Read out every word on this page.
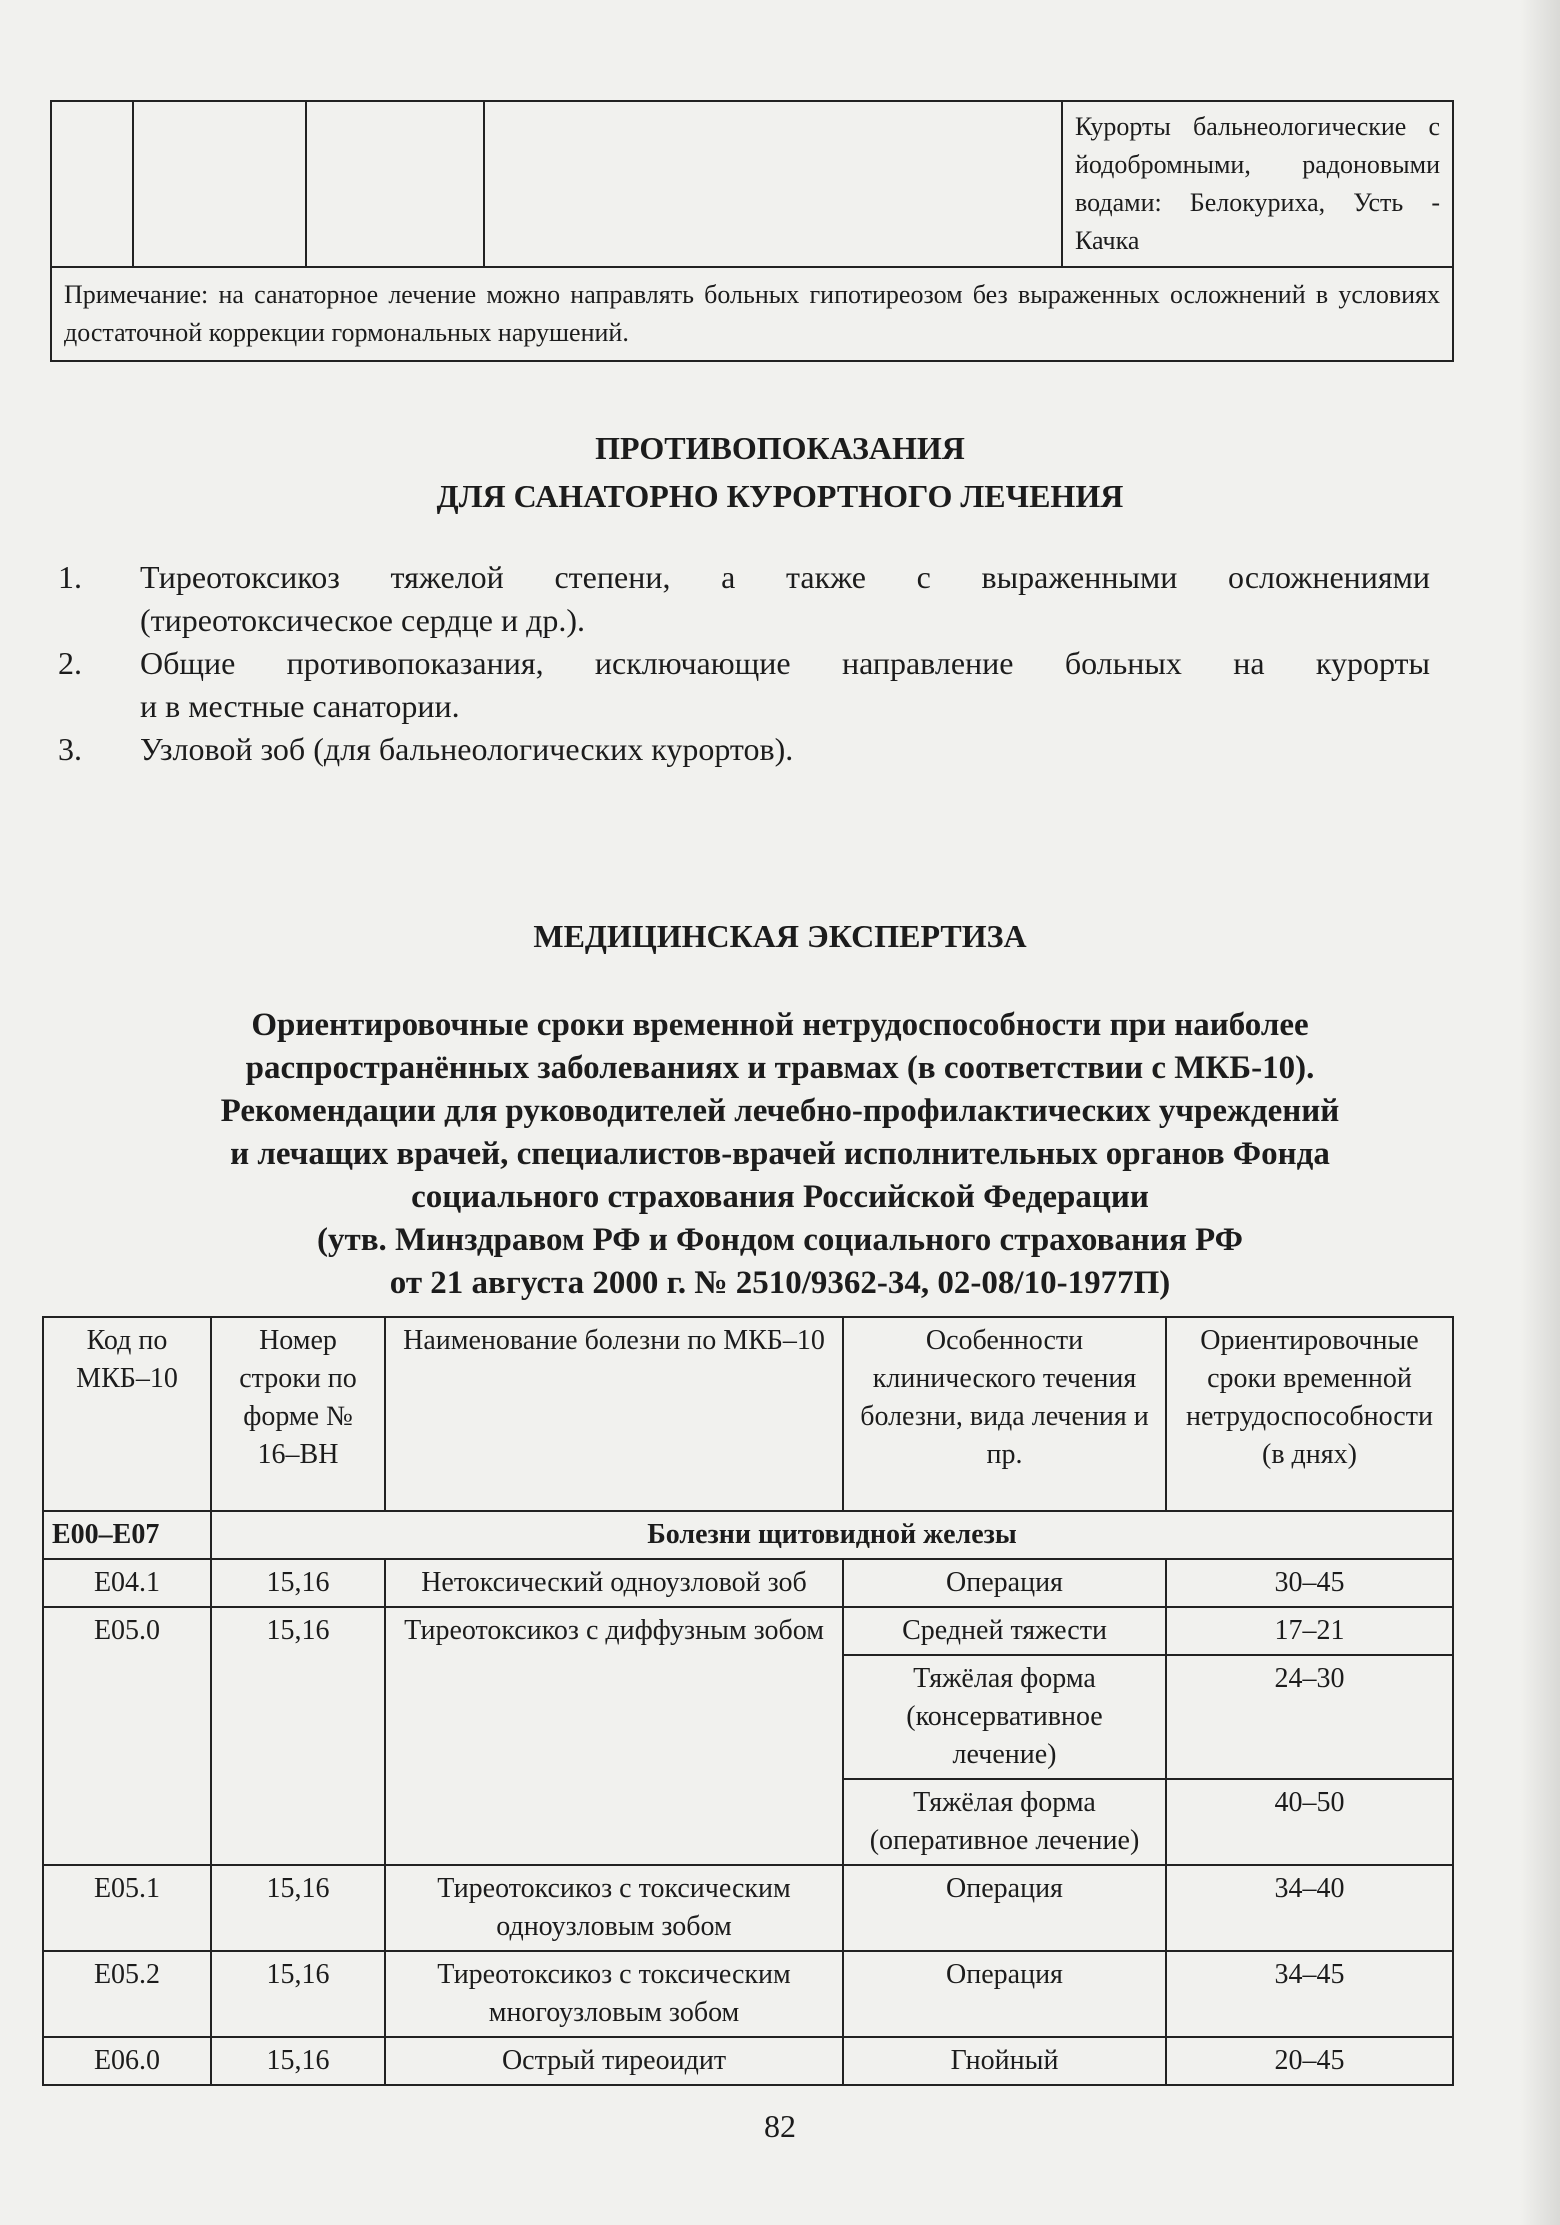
Курорты бальнеологические с
йодобромными, радоновыми
водами: Белокуриха, Усть -
Качка

Примечание: на санаторное лечение можно направлять больных гипотиреозом без выраженных осложнений в условиях достаточной коррекции гормональных нарушений.
ПРОТИВОПОКАЗАНИЯ
ДЛЯ САНАТОРНО КУРОРТНОГО ЛЕЧЕНИЯ
1. Тиреотоксикоз тяжелой степени, а также с выраженными осложнениями
(тиреотоксическое сердце и др.).
2. Общие противопоказания, исключающие направление больных на курорты
и в местные санатории.
3. Узловой зоб (для бальнеологических курортов).
МЕДИЦИНСКАЯ ЭКСПЕРТИЗА
Ориентировочные сроки временной нетрудоспособности при наиболее
распространённых заболеваниях и травмах (в соответствии с МКБ-10).
Рекомендации для руководителей лечебно-профилактических учреждений
и лечащих врачей, специалистов-врачей исполнительных органов Фонда
социального страхования Российской Федерации
(утв. Минздравом РФ и Фондом социального страхования РФ
от 21 августа 2000 г. № 2510/9362-34, 02-08/10-1977П)
Код по МКБ–10	Номер строки по форме № 16–ВН	Наименование болезни по МКБ–10	Особенности клинического течения болезни, вида лечения и пр.	Ориентировочные сроки временной нетрудоспособности (в днях)
E00–E07	Болезни щитовидной железы			
E04.1	15,16	Нетоксический одноузловой зоб	Операция	30–45
E05.0	15,16	Тиреотоксикоз с диффузным зобом	Средней тяжести	17–21
			Тяжёлая форма (консервативное лечение)	24–30
			Тяжёлая форма (оперативное лечение)	40–50
E05.1	15,16	Тиреотоксикоз с токсическим одноузловым зобом	Операция	34–40
E05.2	15,16	Тиреотоксикоз с токсическим многоузловым зобом	Операция	34–45
E06.0	15,16	Острый тиреоидит	Гнойный	20–45
82
